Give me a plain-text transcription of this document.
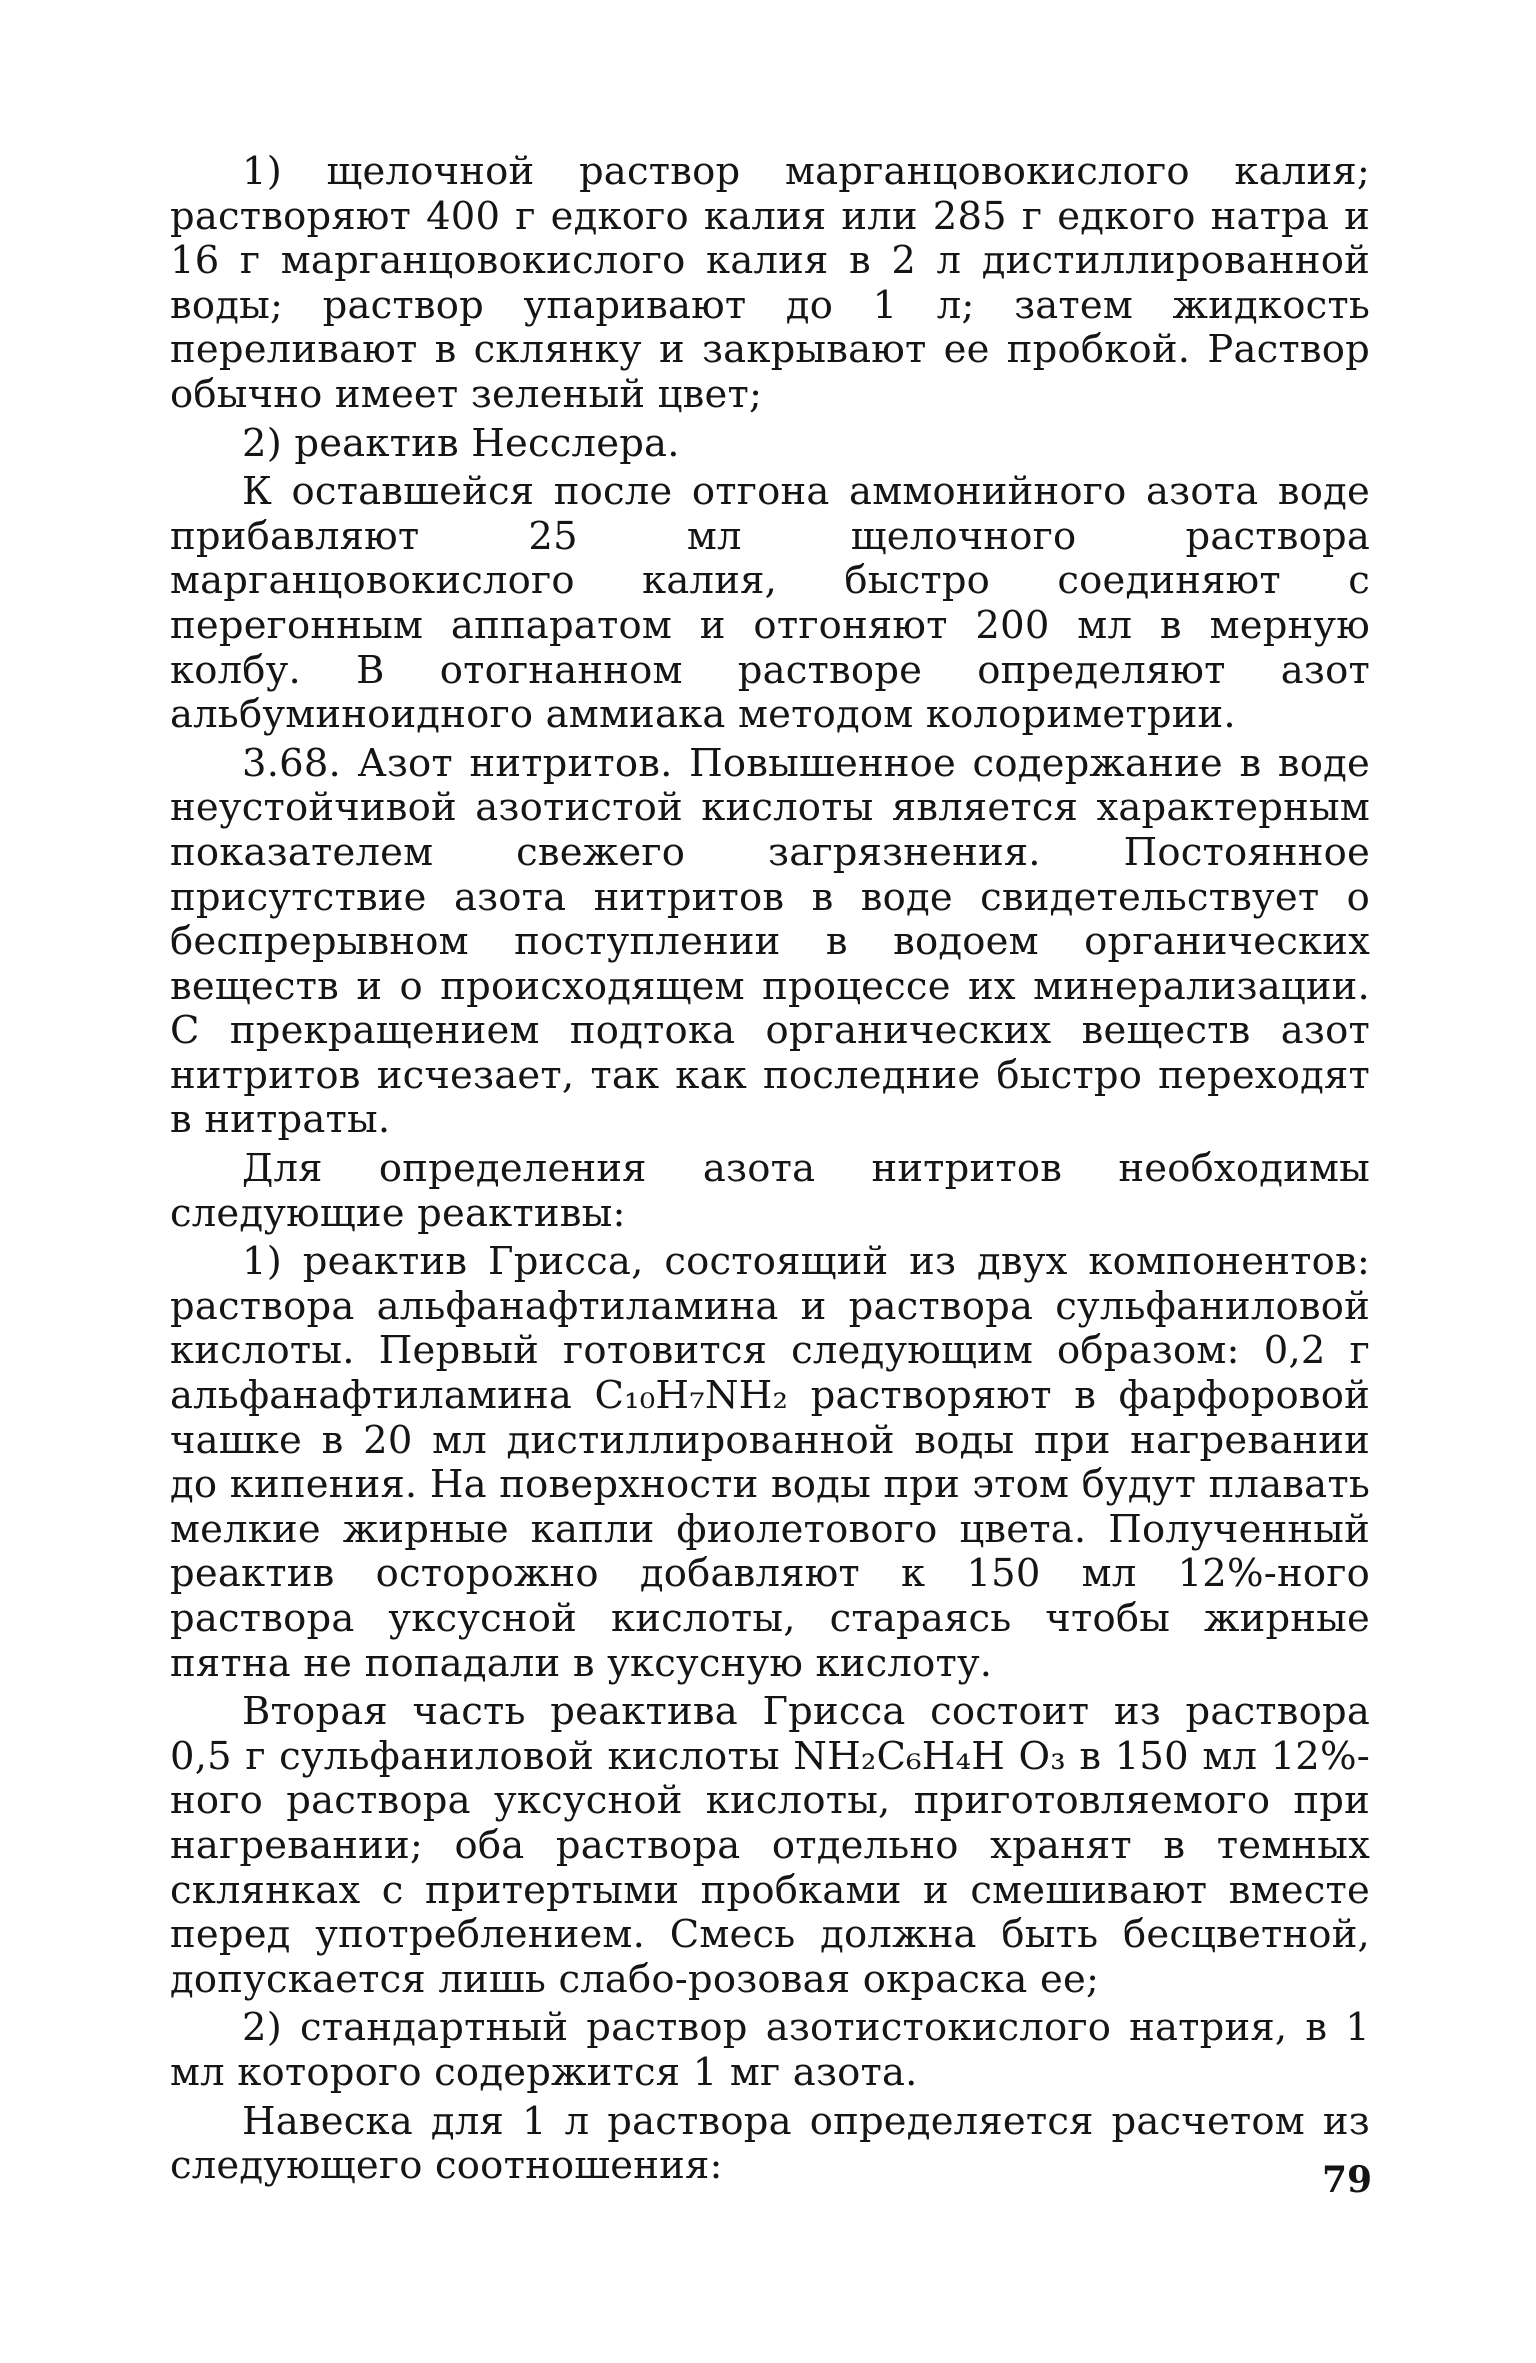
1) щелочной раствор марганцовокислого калия; растворяют 400 г едкого калия или 285 г едкого натра и 16 г марганцовокислого калия в 2 л дистиллированной воды; раствор упаривают до 1 л; затем жидкость переливают в склянку и закрывают ее пробкой. Раствор обычно имеет зеленый цвет;

2) реактив Несслера.

К оставшейся после отгона аммонийного азота воде прибавляют 25 мл щелочного раствора марганцовокислого калия, быстро соединяют с перегонным аппаратом и отгоняют 200 мл в мерную колбу. В отогнанном растворе определяют азот альбуминоидного аммиака методом колориметрии.

3.68. Азот нитритов. Повышенное содержание в воде неустойчивой азотистой кислоты является характерным показателем свежего загрязнения. Постоянное присутствие азота нитритов в воде свидетельствует о беспрерывном поступлении в водоем органических веществ и о происходящем процессе их минерализации. С прекращением подтока органических веществ азот нитритов исчезает, так как последние быстро переходят в нитраты.

Для определения азота нитритов необходимы следующие реактивы:

1) реактив Грисса, состоящий из двух компонентов: раствора альфанафтиламина и раствора сульфаниловой кислоты. Первый готовится следующим образом: 0,2 г альфанафтиламина C₁₀H₇NH₂ растворяют в фарфоровой чашке в 20 мл дистиллированной воды при нагревании до кипения. На поверхности воды при этом будут плавать мелкие жирные капли фиолетового цвета. Полученный реактив осторожно добавляют к 150 мл 12%-ного раствора уксусной кислоты, стараясь чтобы жирные пятна не попадали в уксусную кислоту.

Вторая часть реактива Грисса состоит из раствора 0,5 г сульфаниловой кислоты NH₂C₆H₄H O₃ в 150 мл 12%-ного раствора уксусной кислоты, приготовляемого при нагревании; оба раствора отдельно хранят в темных склянках с притертыми пробками и смешивают вместе перед употреблением. Смесь должна быть бесцветной, допускается лишь слабо-розовая окраска ее;

2) стандартный раствор азотистокислого натрия, в 1 мл которого содержится 1 мг азота.

Навеска для 1 л раствора определяется расчетом из следующего соотношения:	79
